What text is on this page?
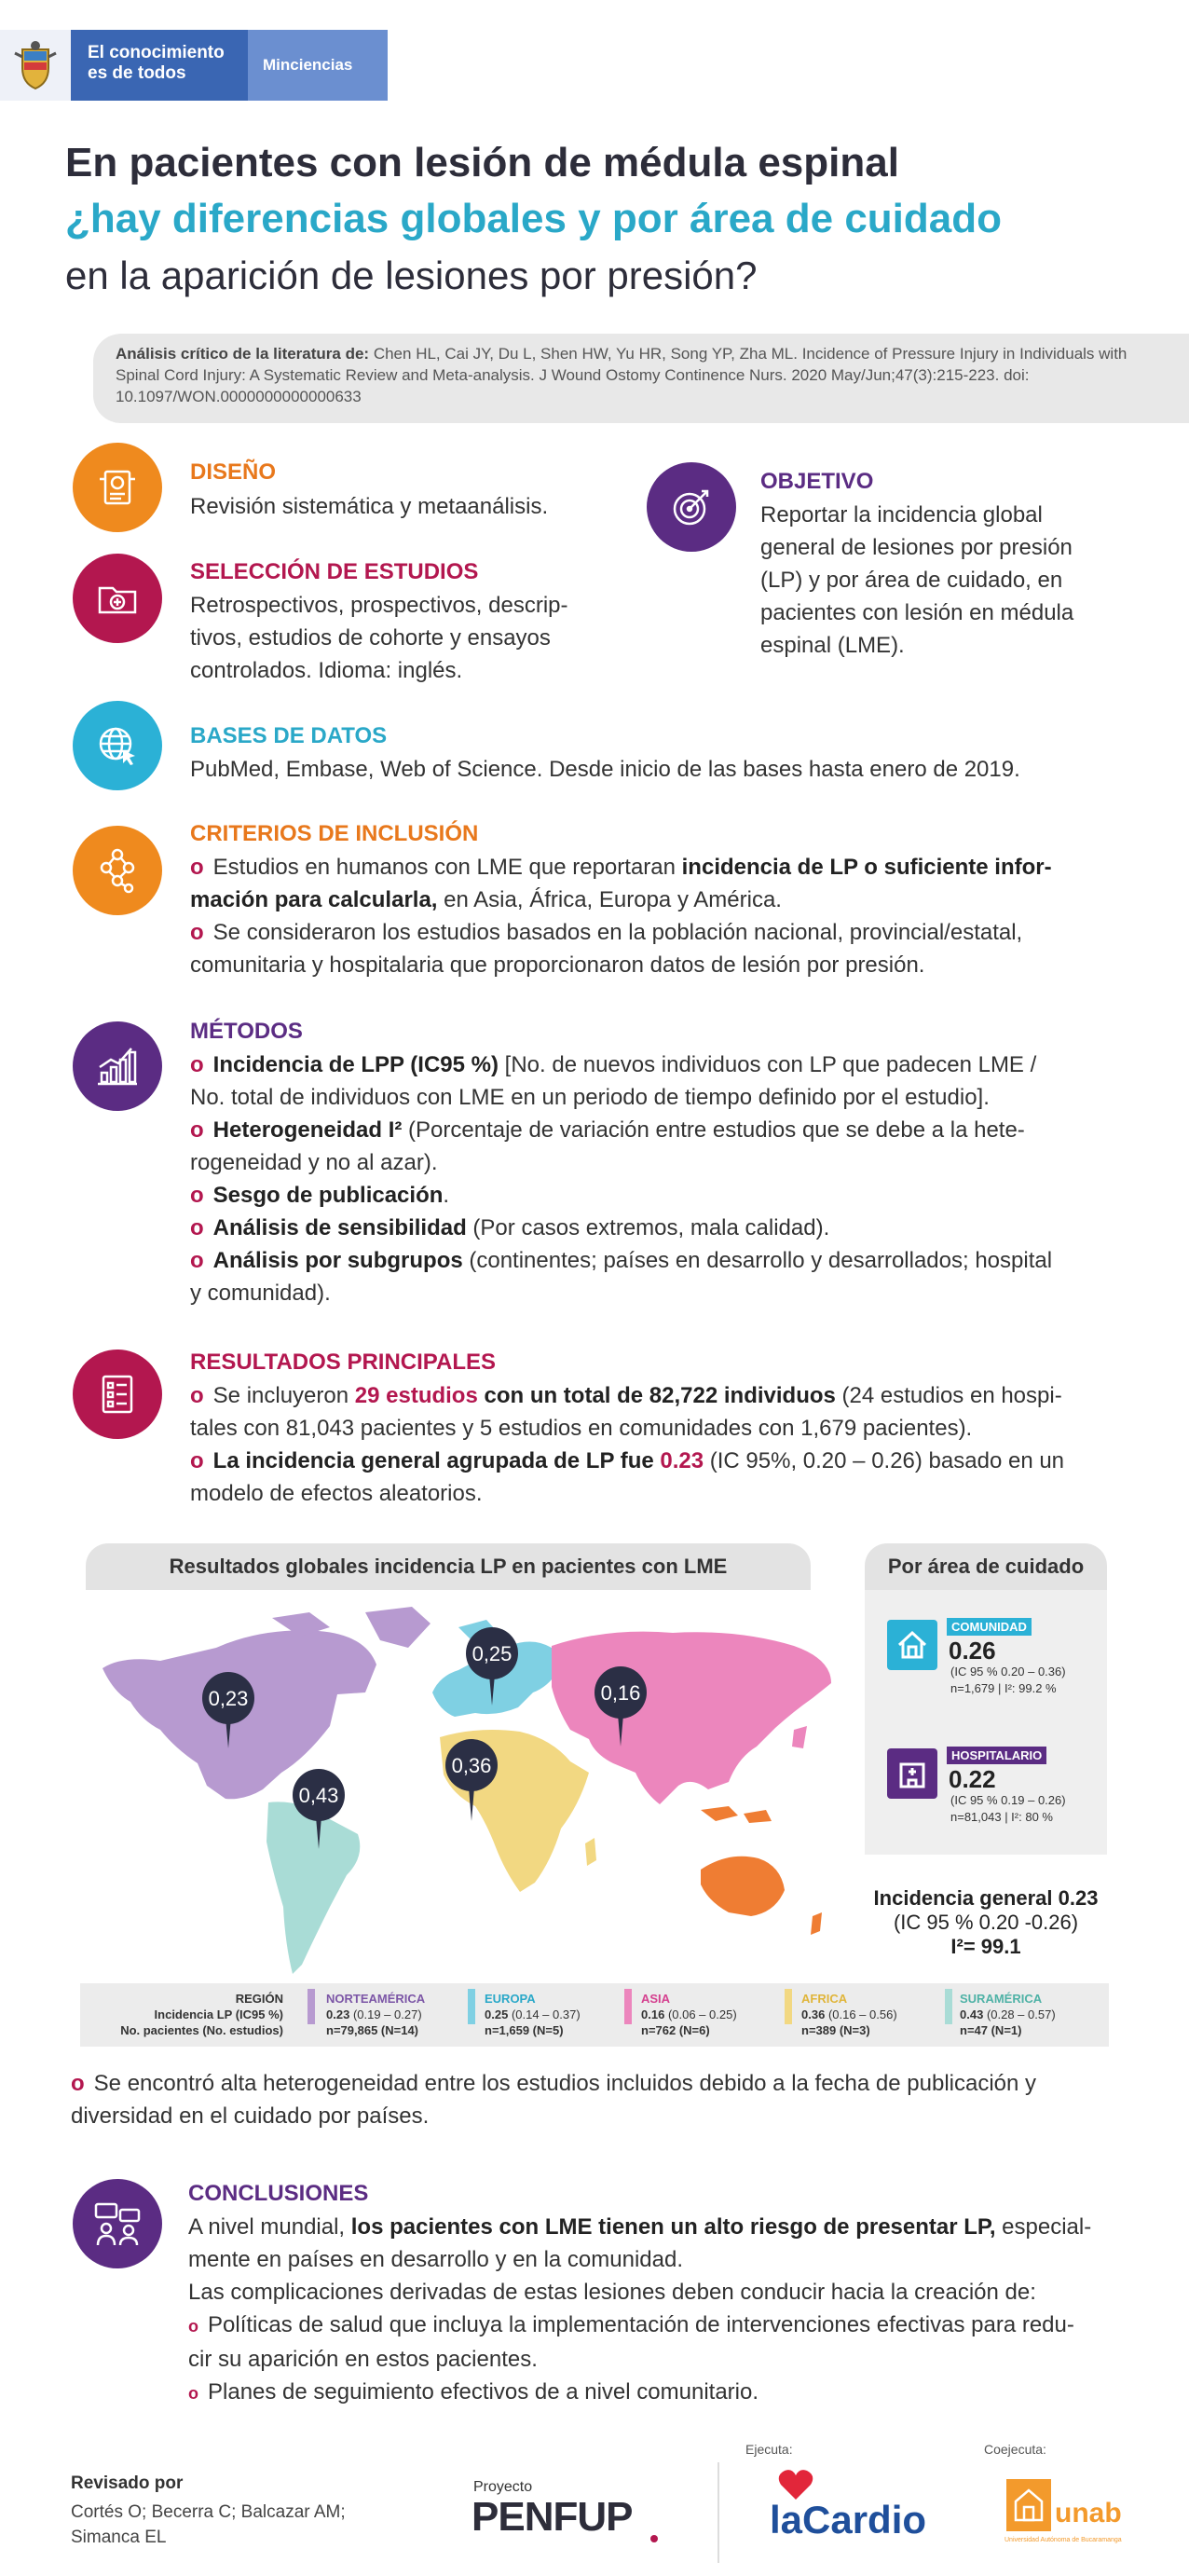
El conocimiento
es de todos	Minciencias
En pacientes con lesión de médula espinal
¿hay diferencias globales y por área de cuidado
en la aparición de lesiones por presión?
Análisis crítico de la literatura de: Chen HL, Cai JY, Du L, Shen HW, Yu HR, Song YP, Zha ML. Incidence of Pressure Injury in Individuals with Spinal Cord Injury: A Systematic Review and Meta-analysis. J Wound Ostomy Continence Nurs. 2020 May/Jun;47(3):215-223. doi: 10.1097/WON.0000000000000633
DISEÑO
Revisión sistemática y metaanálisis.
SELECCIÓN DE ESTUDIOS
Retrospectivos, prospectivos, descrip-
tivos, estudios de cohorte y ensayos
controlados. Idioma: inglés.
OBJETIVO
Reportar la incidencia global
general de lesiones por presión
(LP) y por área de cuidado, en
pacientes con lesión en médula
espinal (LME).
BASES DE DATOS
PubMed, Embase, Web of Science. Desde inicio de las bases hasta enero de 2019.
CRITERIOS DE INCLUSIÓN
o Estudios en humanos con LME que reportaran incidencia de LP o suficiente infor-
mación para calcularla, en Asia, África, Europa y América.
o Se consideraron los estudios basados en la población nacional, provincial/estatal,
comunitaria y hospitalaria que proporcionaron datos de lesión por presión.
MÉTODOS
o Incidencia de LPP (IC95 %) [No. de nuevos individuos con LP que padecen LME /
No. total de individuos con LME en un periodo de tiempo definido por el estudio].
o Heterogeneidad I² (Porcentaje de variación entre estudios que se debe a la hete-
rogeneidad y no al azar).
o Sesgo de publicación.
o Análisis de sensibilidad (Por casos extremos, mala calidad).
o Análisis por subgrupos (continentes; países en desarrollo y desarrollados; hospital
y comunidad).
RESULTADOS PRINCIPALES
o Se incluyeron 29 estudios con un total de 82,722 individuos (24 estudios en hospi-
tales con 81,043 pacientes y 5 estudios en comunidades con 1,679 pacientes).
o La incidencia general agrupada de LP fue 0.23 (IC 95%, 0.20 – 0.26) basado en un
modelo de efectos aleatorios.
Resultados globales incidencia LP en pacientes con LME	Por área de cuidado
0,23
0,25
0,16
0,36
0,43
COMUNIDAD
0.26
(IC 95 % 0.20 – 0.36)
n=1,679 | I²: 99.2 %
HOSPITALARIO
0.22
(IC 95 % 0.19 – 0.26)
n=81,043 | I²: 80 %
Incidencia general 0.23
(IC 95 % 0.20 -0.26)
I²= 99.1
REGIÓN
Incidencia LP (IC95 %)
No. pacientes (No. estudios)
NORTEAMÉRICA
0.23 (0.19 – 0.27)
n=79,865 (N=14)
EUROPA
0.25 (0.14 – 0.37)
n=1,659 (N=5)
ASIA
0.16 (0.06 – 0.25)
n=762 (N=6)
AFRICA
0.36 (0.16 – 0.56)
n=389 (N=3)
SURAMÉRICA
0.43 (0.28 – 0.57)
n=47 (N=1)
o Se encontró alta heterogeneidad entre los estudios incluidos debido a la fecha de publicación y
diversidad en el cuidado por países.
CONCLUSIONES
A nivel mundial, los pacientes con LME tienen un alto riesgo de presentar LP, especial-
mente en países en desarrollo y en la comunidad.
Las complicaciones derivadas de estas lesiones deben conducir hacia la creación de:
o Políticas de salud que incluya la implementación de intervenciones efectivas para redu-
cir su aparición en estos pacientes.
o Planes de seguimiento efectivos de a nivel comunitario.
Revisado por
Cortés O; Becerra C; Balcazar AM;
Simanca EL
Proyecto
PENFUP
Ejecuta:
laCardio
Coejecuta:
unab
Universidad Autónoma de Bucaramanga
